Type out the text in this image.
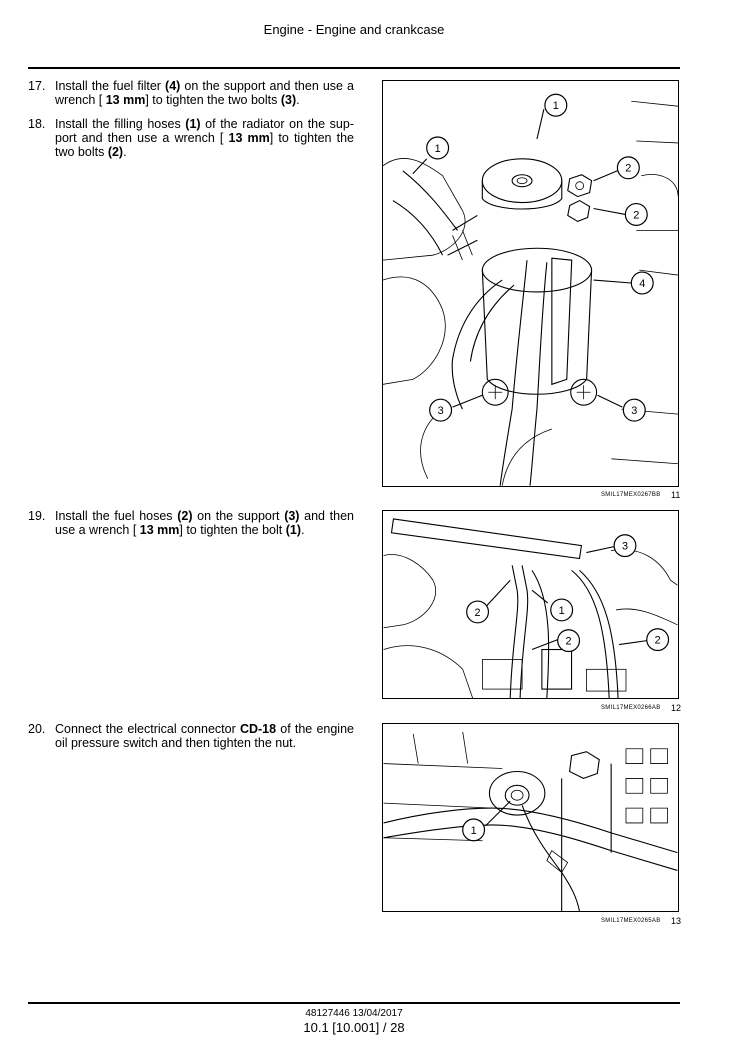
Engine - Engine and crankcase
17. Install the fuel filter (4) on the support and then use a wrench [ 13 mm] to tighten the two bolts (3).
18. Install the filling hoses (1) of the radiator on the sup-port and then use a wrench [ 13 mm] to tighten the two bolts (2).
19. Install the fuel hoses (2) on the support (3) and then use a wrench [ 13 mm] to tighten the bolt (1).
20. Connect the electrical connector CD-18 of the engine oil pressure switch and then tighten the nut.
1
1
2
2
4
3	3
SMIL17MEX0267BB 11
3
2	1
2	2
SMIL17MEX0266AB 12
1
SMIL17MEX0265AB 13
48127446 13/04/2017
10.1 [10.001] / 28
